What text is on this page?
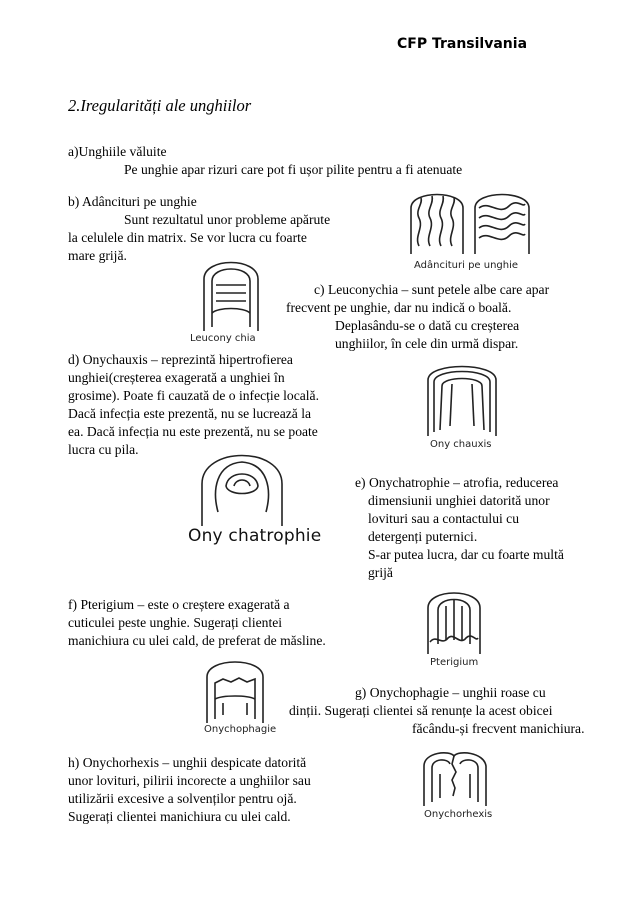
CFP Transilvania
2.Iregularități ale unghiilor
a)Unghiile văluite
Pe unghie apar rizuri care pot fi ușor pilite pentru a fi atenuate
b) Adâncituri pe unghie
Sunt rezultatul unor probleme apărute
la celulele din matrix. Se vor lucra cu foarte
mare grijă.
Adâncituri pe unghie
Leucony chia
c) Leuconychia – sunt petele albe care apar
frecvent pe unghie, dar nu indică o boală.
Deplasându-se o dată cu creșterea
unghiilor, în cele din urmă dispar.
d) Onychauxis – reprezintă hipertrofierea
unghiei(creșterea exagerată a unghiei în
grosime). Poate fi cauzată de o infecție locală.
Dacă infecția este prezentă, nu se lucrează la
ea. Dacă infecția nu este prezentă, nu se poate
lucra cu pila.	Ony chauxis
Ony chatrophie
e) Onychatrophie – atrofia, reducerea
dimensiunii unghiei datorită unor
lovituri sau a contactului cu
detergenți puternici.
S-ar putea lucra, dar cu foarte multă
grijă
f) Pterigium – este o creștere exagerată a
cuticulei peste unghie. Sugerați clientei
manichiura cu ulei cald, de preferat de măsline.
Pterigium
Onychophagie
g) Onychophagie – unghii roase cu
dinții. Sugerați clientei să renunțe la acest obicei
făcându-și frecvent manichiura.
h) Onychorhexis – unghii despicate datorită
unor lovituri, pilirii incorecte a unghiilor sau
utilizării excesive a solvenților pentru ojă.
Sugerați clientei manichiura cu ulei cald.	Onychorhexis
